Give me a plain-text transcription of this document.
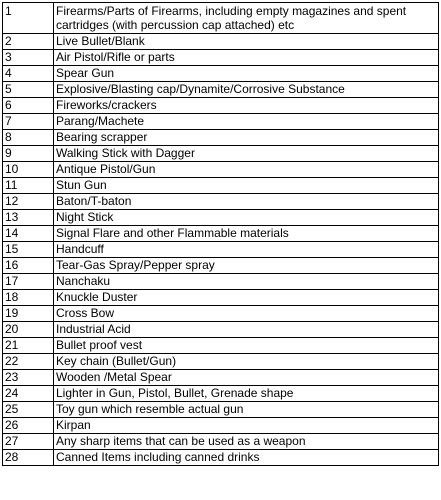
1	Firearms/Parts of Firearms, including empty magazines and spent cartridges (with percussion cap attached) etc
2	Live Bullet/Blank
3	Air Pistol/Rifle or parts
4	Spear Gun
5	Explosive/Blasting cap/Dynamite/Corrosive Substance
6	Fireworks/crackers
7	Parang/Machete
8	Bearing scrapper
9	Walking Stick with Dagger
10	Antique Pistol/Gun
11	Stun Gun
12	Baton/T-baton
13	Night Stick
14	Signal Flare and other Flammable materials
15	Handcuff
16	Tear-Gas Spray/Pepper spray
17	Nanchaku
18	Knuckle Duster
19	Cross Bow
20	Industrial Acid
21	Bullet proof vest
22	Key chain (Bullet/Gun)
23	Wooden /Metal Spear
24	Lighter in Gun, Pistol, Bullet, Grenade shape
25	Toy gun which resemble actual gun
26	Kirpan
27	Any sharp items that can be used as a weapon
28	Canned Items including canned drinks
